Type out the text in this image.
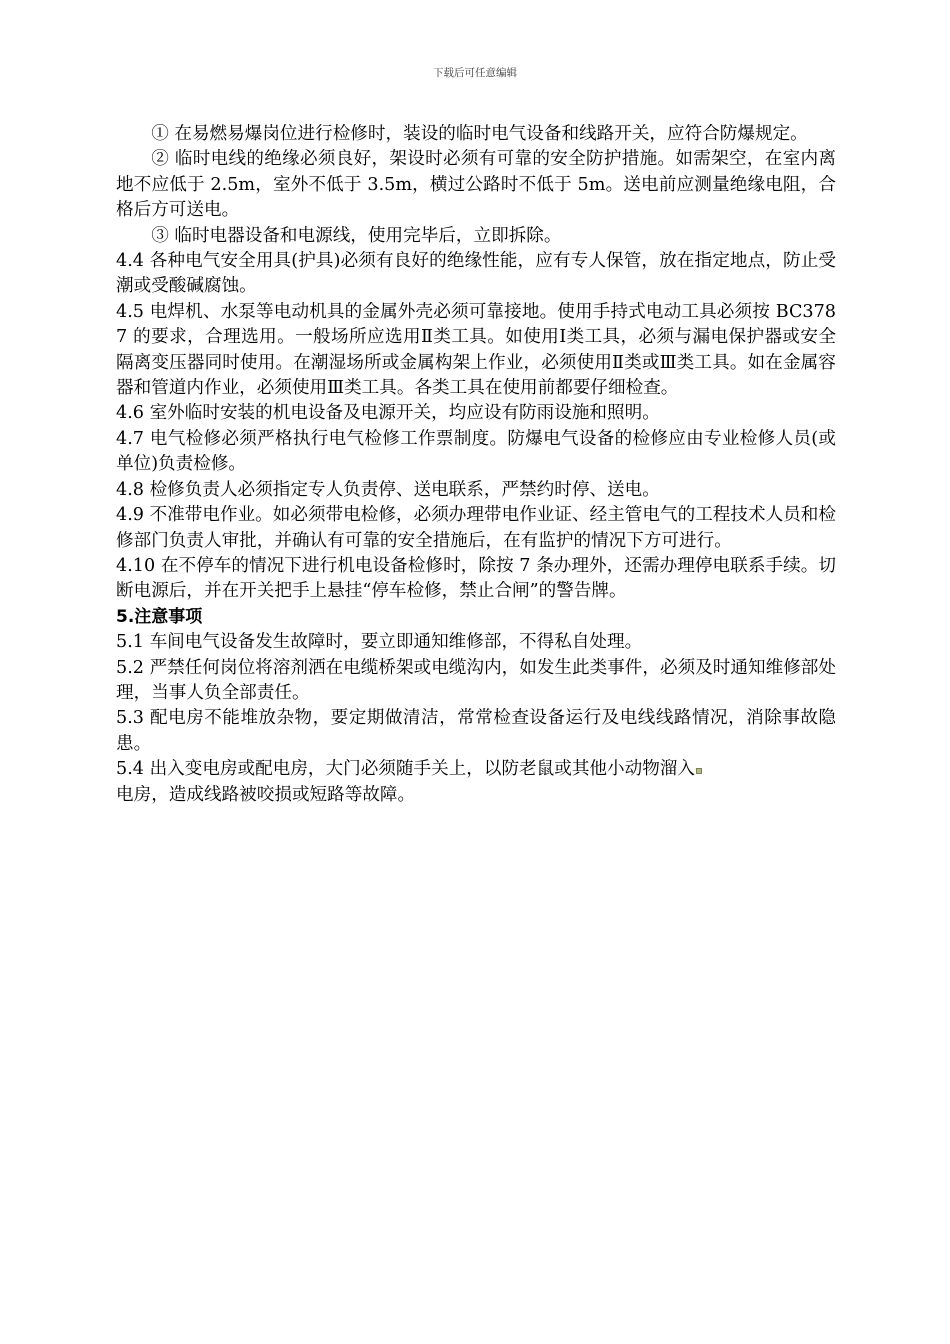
下载后可任意编辑

① 在易燃易爆岗位进行检修时，装设的临时电气设备和线路开关，应符合防爆规定。

② 临时电线的绝缘必须良好，架设时必须有可靠的安全防护措施。如需架空，在室内离地不应低于 2.5m，室外不低于 3.5m，横过公路时不低于 5m。送电前应测量绝缘电阻，合格后方可送电。

③ 临时电器设备和电源线，使用完毕后，立即拆除。

4.4 各种电气安全用具(护具)必须有良好的绝缘性能，应有专人保管，放在指定地点，防止受潮或受酸碱腐蚀。

4.5 电焊机、水泵等电动机具的金属外壳必须可靠接地。使用手持式电动工具必须按 BC3787 的要求，合理选用。一般场所应选用Ⅱ类工具。如使用Ⅰ类工具，必须与漏电保护器或安全隔离变压器同时使用。在潮湿场所或金属构架上作业，必须使用Ⅱ类或Ⅲ类工具。如在金属容器和管道内作业，必须使用Ⅲ类工具。各类工具在使用前都要仔细检查。

4.6 室外临时安装的机电设备及电源开关，均应设有防雨设施和照明。

4.7 电气检修必须严格执行电气检修工作票制度。防爆电气设备的检修应由专业检修人员(或单位)负责检修。

4.8 检修负责人必须指定专人负责停、送电联系，严禁约时停、送电。

4.9 不准带电作业。如必须带电检修，必须办理带电作业证、经主管电气的工程技术人员和检修部门负责人审批，并确认有可靠的安全措施后，在有监护的情况下方可进行。

4.10 在不停车的情况下进行机电设备检修时，除按 7 条办理外，还需办理停电联系手续。切断电源后，并在开关把手上悬挂“停车检修，禁止合闸”的警告牌。

5.注意事项

5.1 车间电气设备发生故障时，要立即通知维修部，不得私自处理。

5.2 严禁任何岗位将溶剂洒在电缆桥架或电缆沟内，如发生此类事件，必须及时通知维修部处理，当事人负全部责任。

5.3 配电房不能堆放杂物，要定期做清洁，常常检查设备运行及电线线路情况，消除事故隐患。

5.4 出入变电房或配电房，大门必须随手关上，以防老鼠或其他小动物溜入

电房，造成线路被咬损或短路等故障。
